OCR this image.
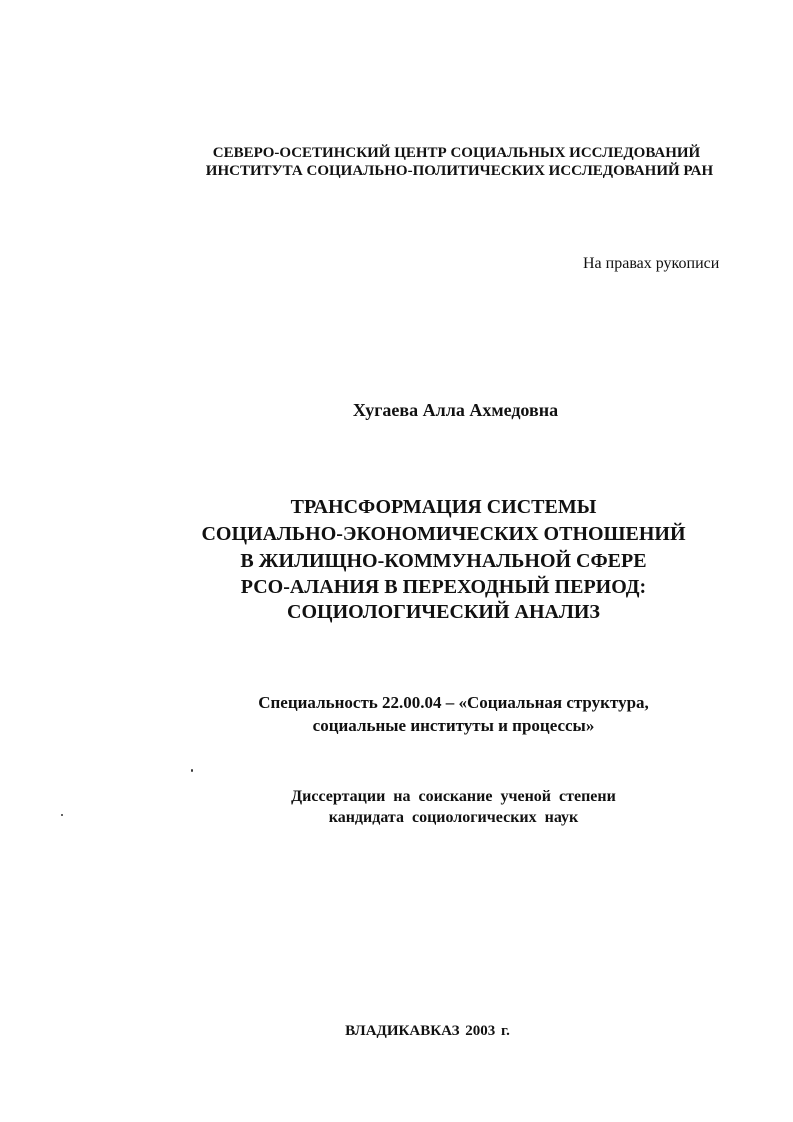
СЕВЕРО-ОСЕТИНСКИЙ ЦЕНТР СОЦИАЛЬНЫХ ИССЛЕДОВАНИЙ
ИНСТИТУТА СОЦИАЛЬНО-ПОЛИТИЧЕСКИХ ИССЛЕДОВАНИЙ РАН
На правах рукописи
Хугаева Алла Ахмедовна
ТРАНСФОРМАЦИЯ СИСТЕМЫ
СОЦИАЛЬНО-ЭКОНОМИЧЕСКИХ ОТНОШЕНИЙ
В ЖИЛИЩНО-КОММУНАЛЬНОЙ СФЕРЕ
РСО-АЛАНИЯ В ПЕРЕХОДНЫЙ ПЕРИОД:
СОЦИОЛОГИЧЕСКИЙ АНАЛИЗ
Специальность 22.00.04 – «Социальная структура,
социальные институты и процессы»
Диссертации на соискание ученой степени
кандидата социологических наук
ВЛАДИКАВКАЗ 2003 г.
